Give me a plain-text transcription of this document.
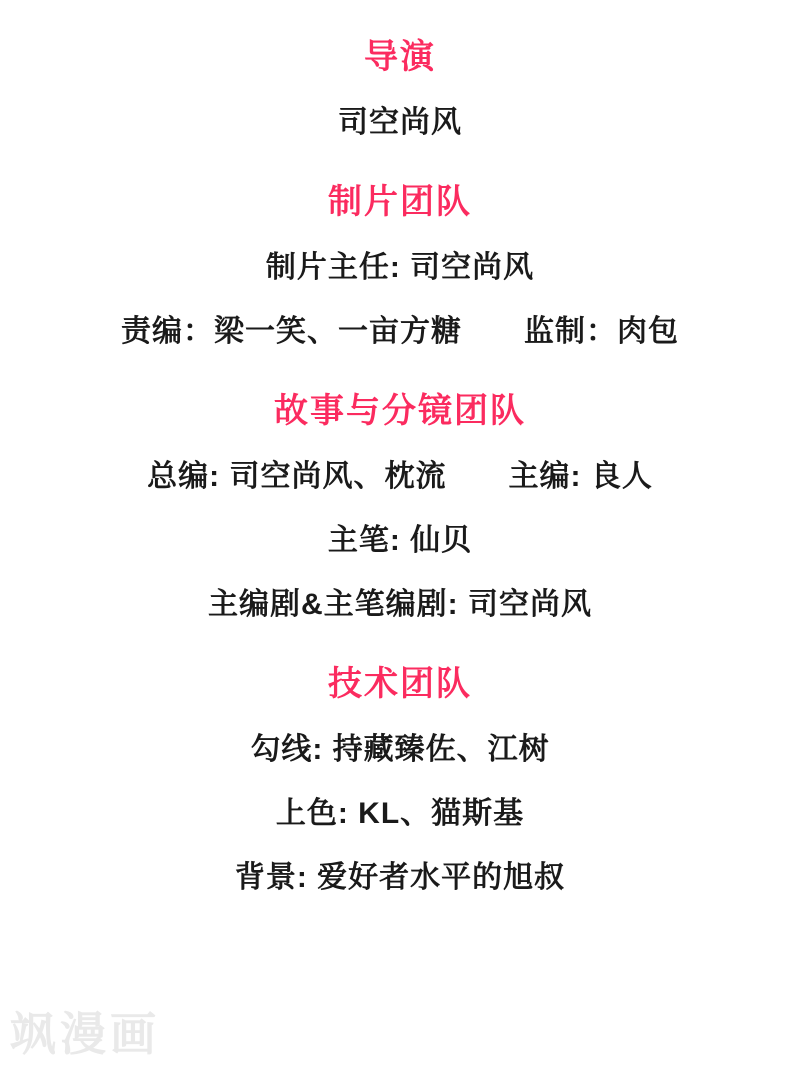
导演
司空尚风
制片团队
制片主任: 司空尚风
责编：梁一笑、一亩方糖　　监制：肉包
故事与分镜团队
总编: 司空尚风、枕流　　主编: 良人
主笔: 仙贝
主编剧&主笔编剧: 司空尚风
技术团队
勾线: 持藏臻佐、江树
上色: KL、猫斯基
背景: 爱好者水平的旭叔
飒漫画
